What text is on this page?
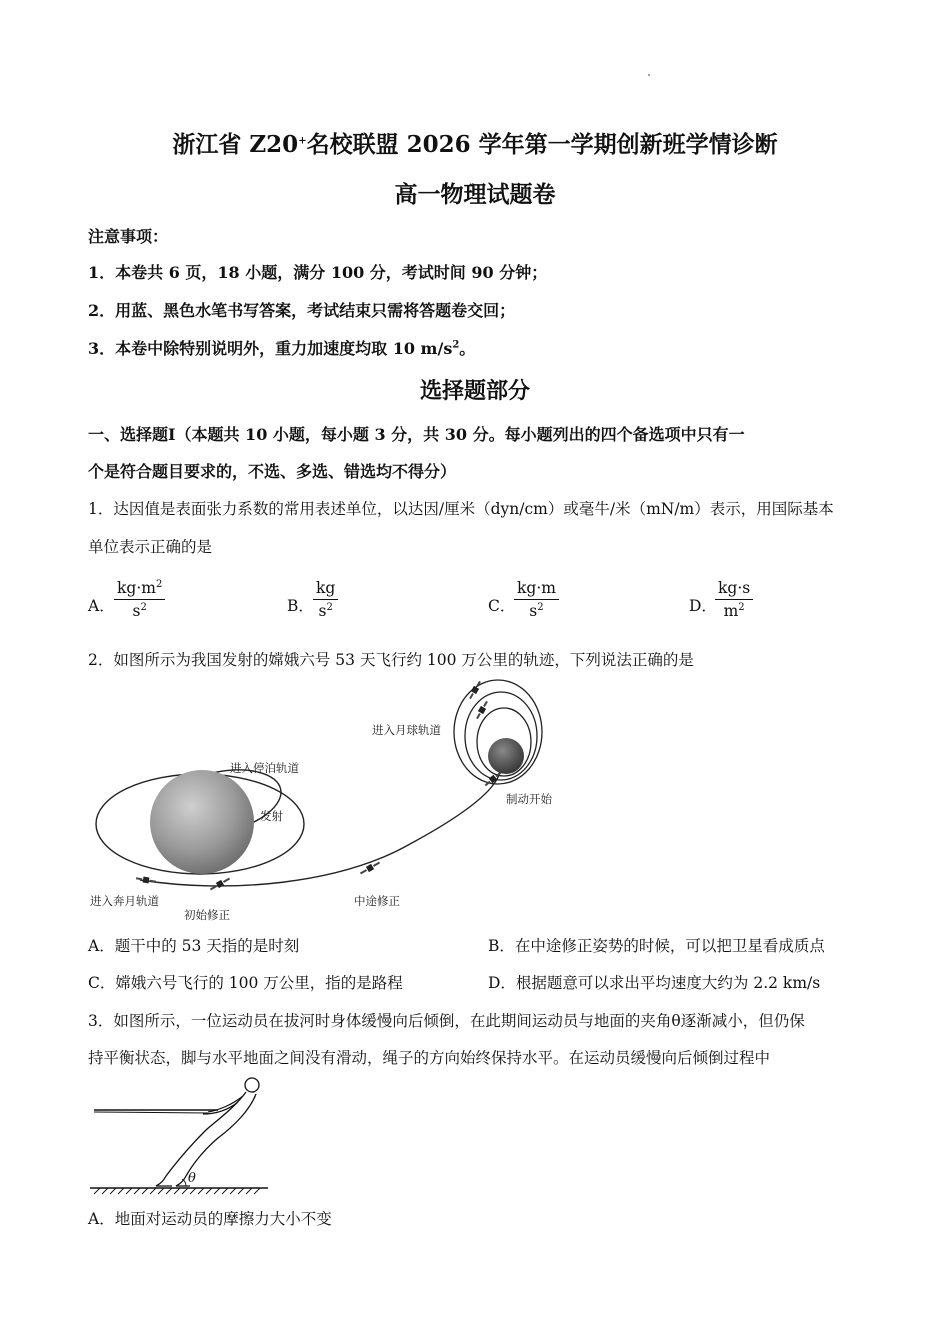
浙江省 Z20+名校联盟 2026 学年第一学期创新班学情诊断
高一物理试题卷
注意事项：
1．本卷共 6 页，18 小题，满分 100 分，考试时间 90 分钟；
2．用蓝、黑色水笔书写答案，考试结束只需将答题卷交回；
3．本卷中除特别说明外，重力加速度均取 10 $m/s^2$。
选择题部分
一、选择题Ⅰ（本题共 10 小题，每小题 3 分，共 30 分。每小题列出的四个备选项中只有一
个是符合题目要求的，不选、多选、错选均不得分）
1．达因值是表面张力系数的常用表述单位，以达因/厘米（dyn/cm）或毫牛/米（mN/m）表示，用国际基本
单位表示正确的是
A． $\frac{kg\cdot m^2}{s^2}$	B． $\frac{kg}{s^2}$	C．
$\frac{kg\cdot m}{s^2}$	D．
$\frac{kg\cdot s}{m^2}$
2．如图所示为我国发射的嫦娥六号 53 天飞行约 100 万公里的轨迹，下列说法正确的是
进入月球轨道
进入停泊轨道
发射
制动开始
进入奔月轨道
初始修正
中途修正
A．题干中的 53 天指的是时刻	B．在中途修正姿势的时候，可以把卫星看成质点
C．嫦娥六号飞行的 100 万公里，指的是路程	D．根据题意可以求出平均速度大约为 2.2 km/s
3．如图所示，一位运动员在拔河时身体缓慢向后倾倒，在此期间运动员与地面的夹角θ逐渐减小，但仍保
持平衡状态，脚与水平地面之间没有滑动，绳子的方向始终保持水平。在运动员缓慢向后倾倒过程中
θ
A．地面对运动员的摩擦力大小不变
